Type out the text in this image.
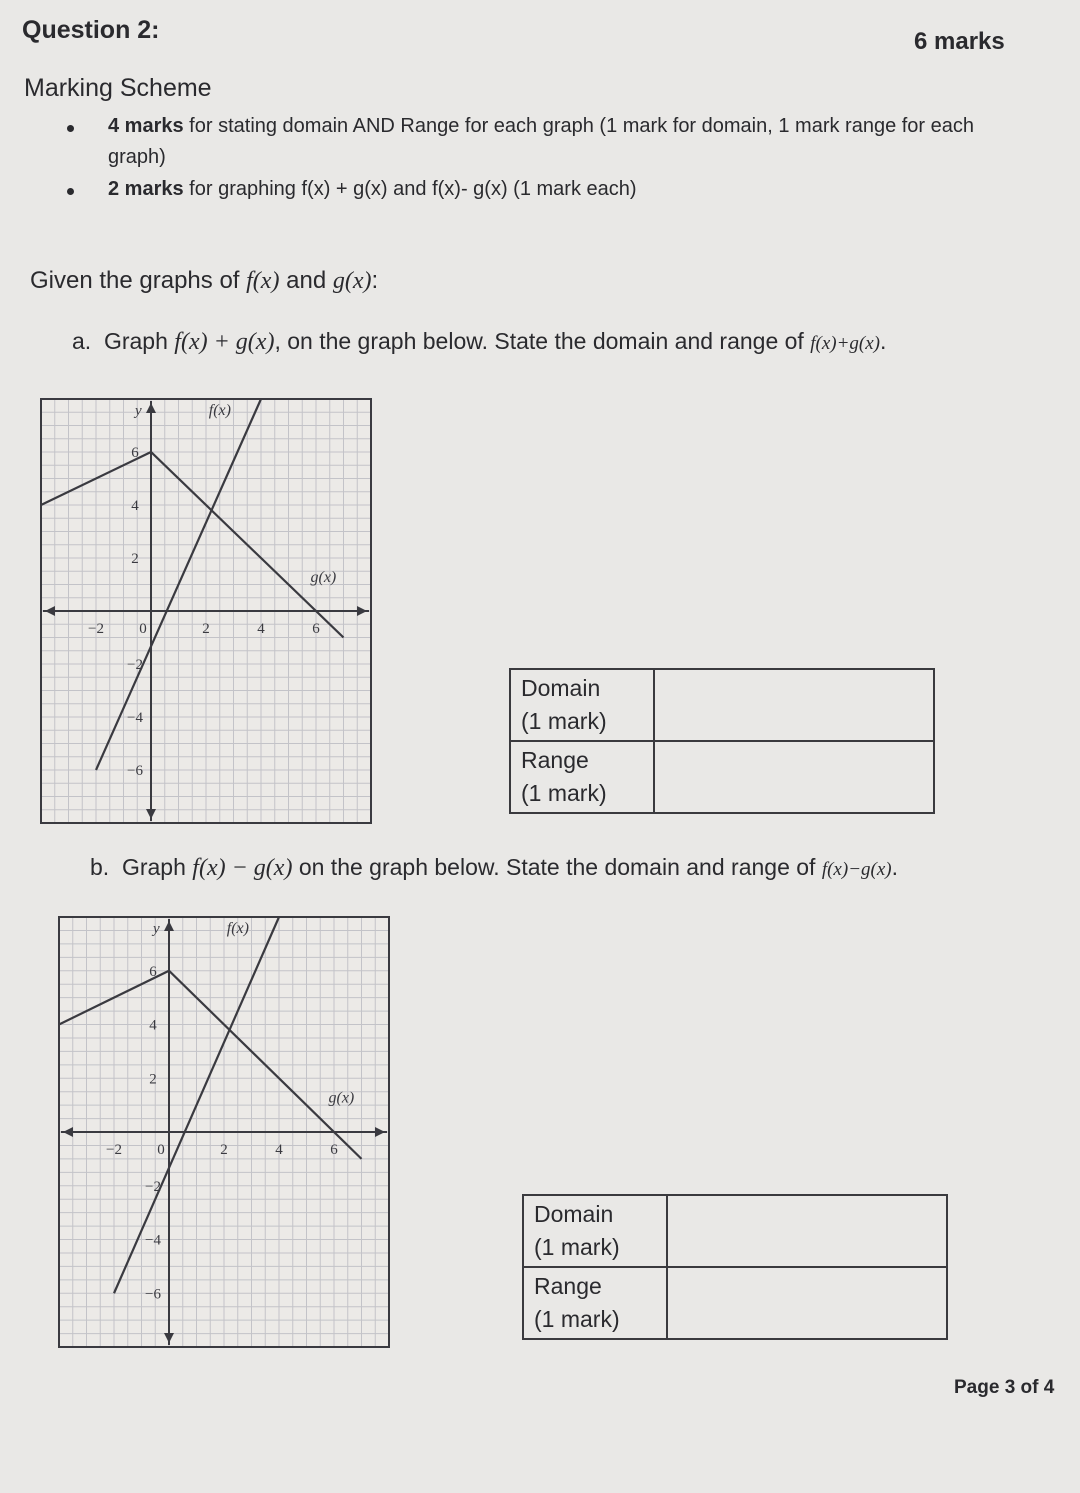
Question 2:	6 marks
Marking Scheme
4 marks for stating domain AND Range for each graph (1 mark for domain, 1 mark range for each graph)
2 marks for graphing f(x) + g(x) and f(x)- g(x) (1 mark each)
Given the graphs of f(x) and g(x):
a. Graph f(x) + g(x), on the graph below. State the domain and range of f(x)+g(x).
−2 0	2	4	6
6
4
2
−2
−4
−6
y	f(x)
g(x)
Domain
(1 mark)	
Range
(1 mark)	
b. Graph f(x) − g(x) on the graph below. State the domain and range of f(x)−g(x).
−2 0	2	4	6
6
4
2
−2
−4
−6
y	f(x)
g(x)
Domain
(1 mark)	
Range
(1 mark)	
Page 3 of 4
